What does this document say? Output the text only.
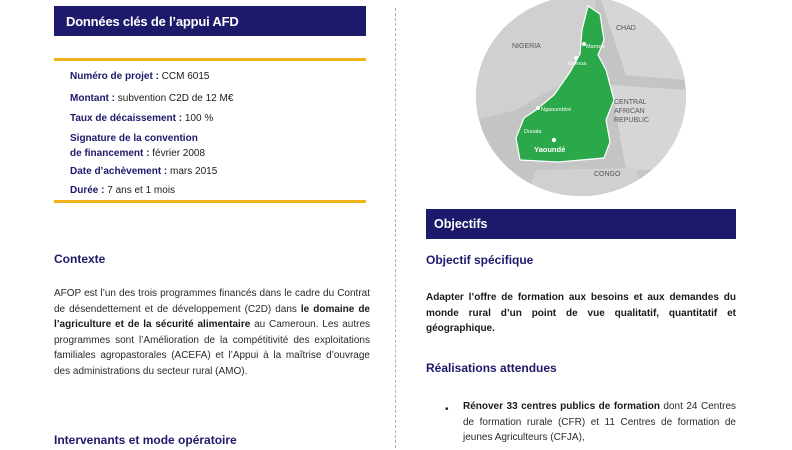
Données clés de l’appui AFD
Numéro de projet : CCM 6015
Montant : subvention C2D de 12 M€
Taux de décaissement : 100 %
Signature de la convention
de financement : février 2008
Date d’achèvement : mars 2015
Durée : 7 ans et 1 mois
Contexte
AFOP est l’un des trois programmes financés dans le cadre du Contrat de désendettement et de développement (C2D) dans le domaine de l’agriculture et de la sécurité alimentaire au Cameroun. Les autres programmes sont l’Amélioration de la compétitivité des exploitations familiales agropastorales (ACEFA) et l’Appui à la maîtrise d’ouvrage des administrations du secteur rural (AMO).
Intervenants et mode opératoire
NIGERIA
CHAD
CENTRAL
AFRICAN
REPUBLIC
CONGO
Maroua
Garoua
Ngaoundéré
Douala
Yaoundé
Objectifs
Objectif spécifique
Adapter l’offre de formation aux besoins et aux demandes du monde rural d’un point de vue qualitatif, quantitatif et géographique.
Réalisations attendues
• Rénover 33 centres publics de formation dont 24 Centres de formation rurale (CFR) et 11 Centres de formation de jeunes Agriculteurs (CFJA),
